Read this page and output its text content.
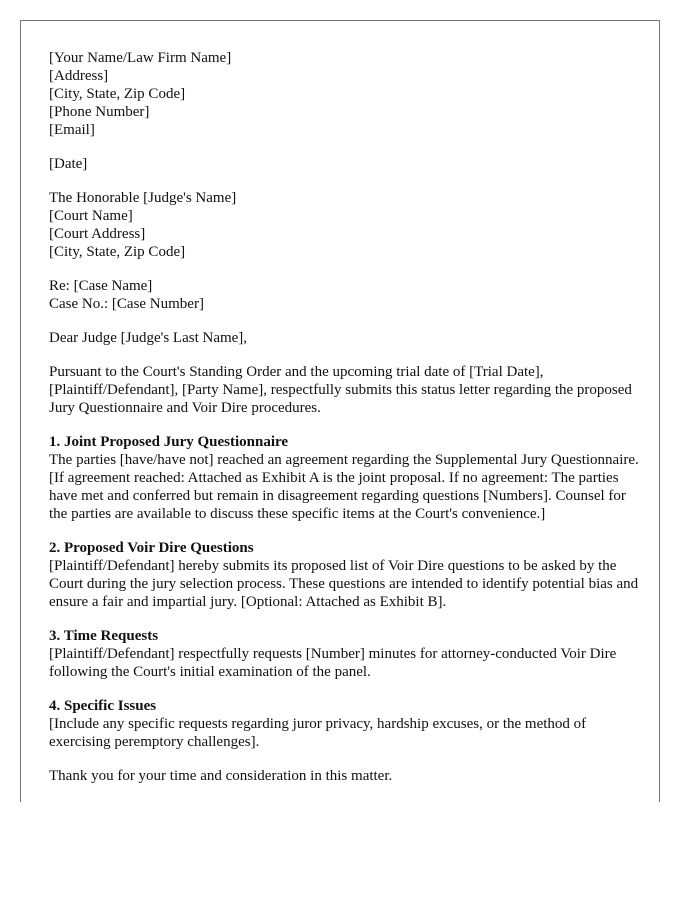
[Your Name/Law Firm Name]
[Address]
[City, State, Zip Code]
[Phone Number]
[Email]
[Date]
The Honorable [Judge's Name]
[Court Name]
[Court Address]
[City, State, Zip Code]
Re: [Case Name]
Case No.: [Case Number]
Dear Judge [Judge's Last Name],
Pursuant to the Court's Standing Order and the upcoming trial date of [Trial Date], [Plaintiff/Defendant], [Party Name], respectfully submits this status letter regarding the proposed Jury Questionnaire and Voir Dire procedures.
1. Joint Proposed Jury Questionnaire
The parties [have/have not] reached an agreement regarding the Supplemental Jury Questionnaire. [If agreement reached: Attached as Exhibit A is the joint proposal. If no agreement: The parties have met and conferred but remain in disagreement regarding questions [Numbers]. Counsel for the parties are available to discuss these specific items at the Court's convenience.]
2. Proposed Voir Dire Questions
[Plaintiff/Defendant] hereby submits its proposed list of Voir Dire questions to be asked by the Court during the jury selection process. These questions are intended to identify potential bias and ensure a fair and impartial jury. [Optional: Attached as Exhibit B].
3. Time Requests
[Plaintiff/Defendant] respectfully requests [Number] minutes for attorney-conducted Voir Dire following the Court's initial examination of the panel.
4. Specific Issues
[Include any specific requests regarding juror privacy, hardship excuses, or the method of exercising peremptory challenges].
Thank you for your time and consideration in this matter.
